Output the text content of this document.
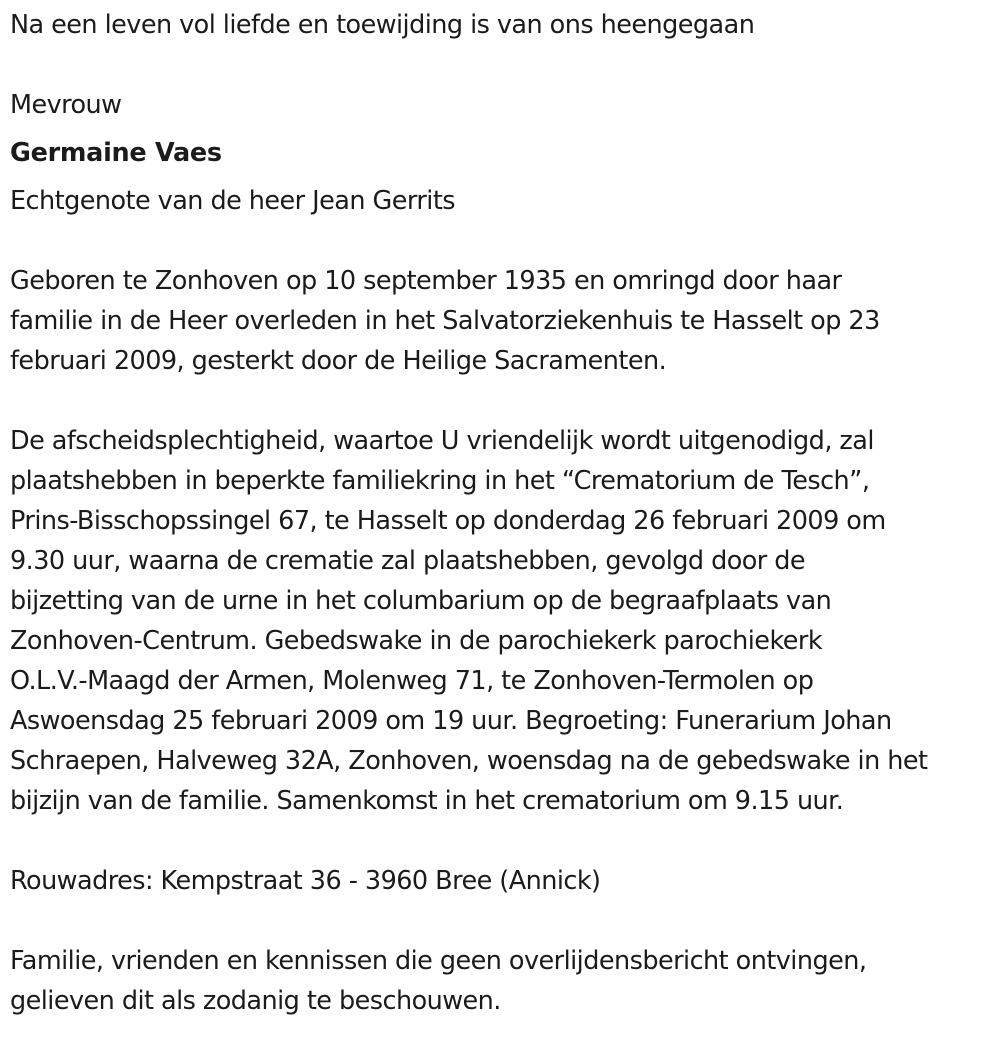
Na een leven vol liefde en toewijding is van ons heengegaan

Mevrouw

Germaine Vaes

Echtgenote van de heer Jean Gerrits

Geboren te Zonhoven op 10 september 1935 en omringd door haar

familie in de Heer overleden in het Salvatorziekenhuis te Hasselt op 23

februari 2009, gesterkt door de Heilige Sacramenten.

De afscheidsplechtigheid, waartoe U vriendelijk wordt uitgenodigd, zal

plaatshebben in beperkte familiekring in het “Crematorium de Tesch”,

Prins-Bisschopssingel 67, te Hasselt op donderdag 26 februari 2009 om

9.30 uur, waarna de crematie zal plaatshebben, gevolgd door de

bijzetting van de urne in het columbarium op de begraafplaats van

Zonhoven-Centrum. Gebedswake in de parochiekerk parochiekerk

O.L.V.-Maagd der Armen, Molenweg 71, te Zonhoven-Termolen op

Aswoensdag 25 februari 2009 om 19 uur. Begroeting: Funerarium Johan

Schraepen, Halveweg 32A, Zonhoven, woensdag na de gebedswake in het

bijzijn van de familie. Samenkomst in het crematorium om 9.15 uur.

Rouwadres: Kempstraat 36 - 3960 Bree (Annick)

Familie, vrienden en kennissen die geen overlijdensbericht ontvingen,

gelieven dit als zodanig te beschouwen.
